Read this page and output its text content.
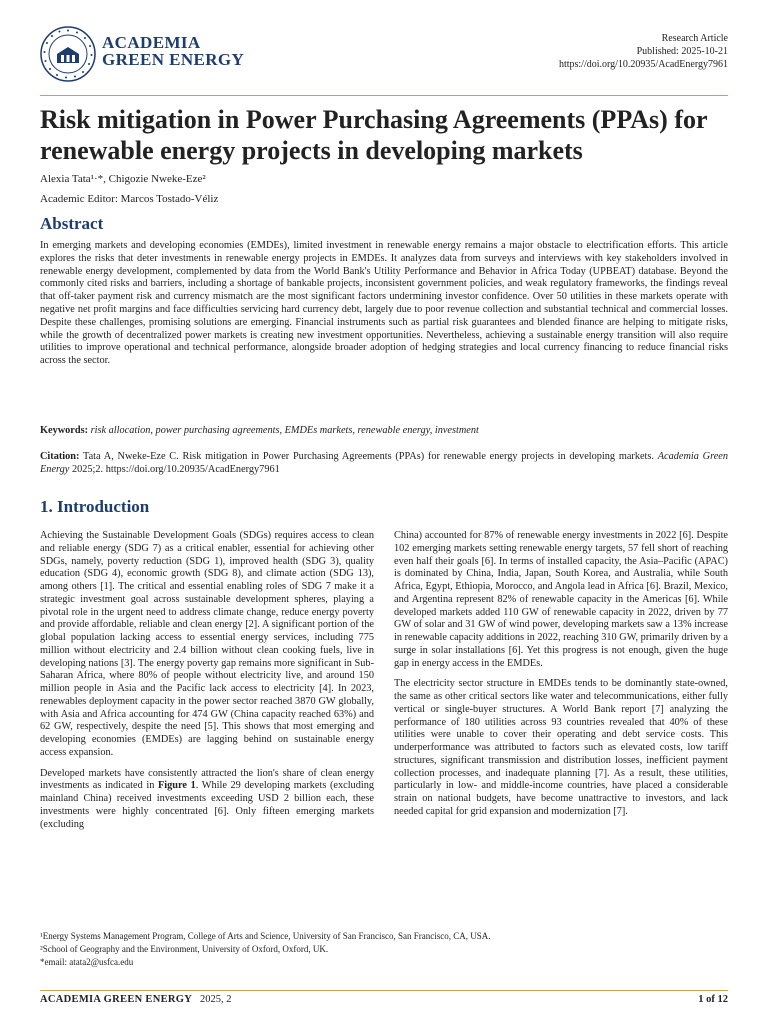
ACADEMIA
GREEN ENERGY
Research Article
Published: 2025-10-21
https://doi.org/10.20935/AcadEnergy7961
Risk mitigation in Power Purchasing Agreements (PPAs) for renewable energy projects in developing markets
Alexia Tata¹·*, Chigozie Nweke-Eze²
Academic Editor: Marcos Tostado-Véliz
Abstract

In emerging markets and developing economies (EMDEs), limited investment in renewable energy remains a major obstacle to electrification efforts. This article explores the risks that deter investments in renewable energy projects in EMDEs. It analyzes data from surveys and interviews with key stakeholders involved in renewable energy development, complemented by data from the World Bank's Utility Performance and Behavior in Africa Today (UPBEAT) database. Beyond the commonly cited risks and barriers, including a shortage of bankable projects, inconsistent government policies, and weak regulatory frameworks, the findings reveal that off-taker payment risk and currency mismatch are the most significant factors undermining investor confidence. Over 50 utilities in these markets operate with negative net profit margins and face difficulties servicing hard currency debt, largely due to poor revenue collection and substantial technical and commercial losses. Despite these challenges, promising solutions are emerging. Financial instruments such as partial risk guarantees and blended finance are helping to mitigate risks, while the growth of decentralized power markets is creating new investment opportunities. Nevertheless, achieving a sustainable energy transition will also require utilities to improve operational and technical performance, alongside broader adoption of hedging strategies and local currency financing to reduce financial risks across the sector.

Keywords: risk allocation, power purchasing agreements, EMDEs markets, renewable energy, investment

Citation: Tata A, Nweke-Eze C. Risk mitigation in Power Purchasing Agreements (PPAs) for renewable energy projects in developing markets. Academia Green Energy 2025;2. https://doi.org/10.20935/AcadEnergy7961

1. Introduction

Achieving the Sustainable Development Goals (SDGs) requires access to clean and reliable energy (SDG 7) as a critical enabler, essential for achieving other SDGs, namely, poverty reduction (SDG 1), improved health (SDG 3), quality education (SDG 4), economic growth (SDG 8), and climate action (SDG 13), among others [1]. The critical and essential enabling roles of SDG 7 make it a strategic investment goal across sustainable development spheres, playing a pivotal role in the urgent need to address climate change, reduce energy poverty and provide affordable, reliable and clean energy [2]. A significant portion of the global population lacking access to essential energy services, including 775 million without electricity and 2.4 billion without clean cooking fuels, live in developing nations [3]. The energy poverty gap remains more significant in Sub-Saharan Africa, where 80% of people without electricity live, and around 150 million people in Asia and the Pacific lack access to electricity [4]. In 2023, renewables deployment capacity in the power sector reached 3870 GW globally, with Asia and Africa accounting for 474 GW (China capacity reached 63%) and 62 GW, respectively, despite the need [5]. This shows that most emerging and developing economies (EMDEs) are lagging behind on sustainable energy access expansion.

Developed markets have consistently attracted the lion's share of clean energy investments as indicated in Figure 1. While 29 developing markets (excluding mainland China) received investments exceeding USD 2 billion each, these investments were highly concentrated [6]. Only fifteen emerging markets (excluding

China) accounted for 87% of renewable energy investments in 2022 [6]. Despite 102 emerging markets setting renewable energy targets, 57 fell short of reaching even half their goals [6]. In terms of installed capacity, the Asia–Pacific (APAC) is dominated by China, India, Japan, South Korea, and Australia, while South Africa, Egypt, Ethiopia, Morocco, and Angola lead in Africa [6]. Brazil, Mexico, and Argentina represent 82% of renewable capacity in the Americas [6]. While developed markets added 110 GW of renewable capacity in 2022, driven by 77 GW of solar and 31 GW of wind power, developing markets saw a 13% increase in renewable capacity additions in 2022, reaching 310 GW, primarily driven by a surge in solar installations [6]. Yet this progress is not enough, given the huge gap in energy access in the EMDEs.

The electricity sector structure in EMDEs tends to be dominantly state-owned, the same as other critical sectors like water and telecommunications, either fully vertical or single-buyer structures. A World Bank report [7] analyzing the performance of 180 utilities across 93 countries revealed that 40% of these utilities were unable to cover their operating and debt service costs. This underperformance was attributed to factors such as elevated costs, low tariff structures, significant transmission and distribution losses, inefficient payment collection processes, and inadequate planning [7]. As a result, these utilities, particularly in low- and middle-income countries, have placed a considerable strain on national budgets, have become unattractive to investors, and lack needed capital for grid expansion and modernization [7].

¹Energy Systems Management Program, College of Arts and Science, University of San Francisco, San Francisco, CA, USA.
²School of Geography and the Environment, University of Oxford, Oxford, UK.
*email: atata2@usfca.edu
ACADEMIA GREEN ENERGY 2025, 2	1 of 12
